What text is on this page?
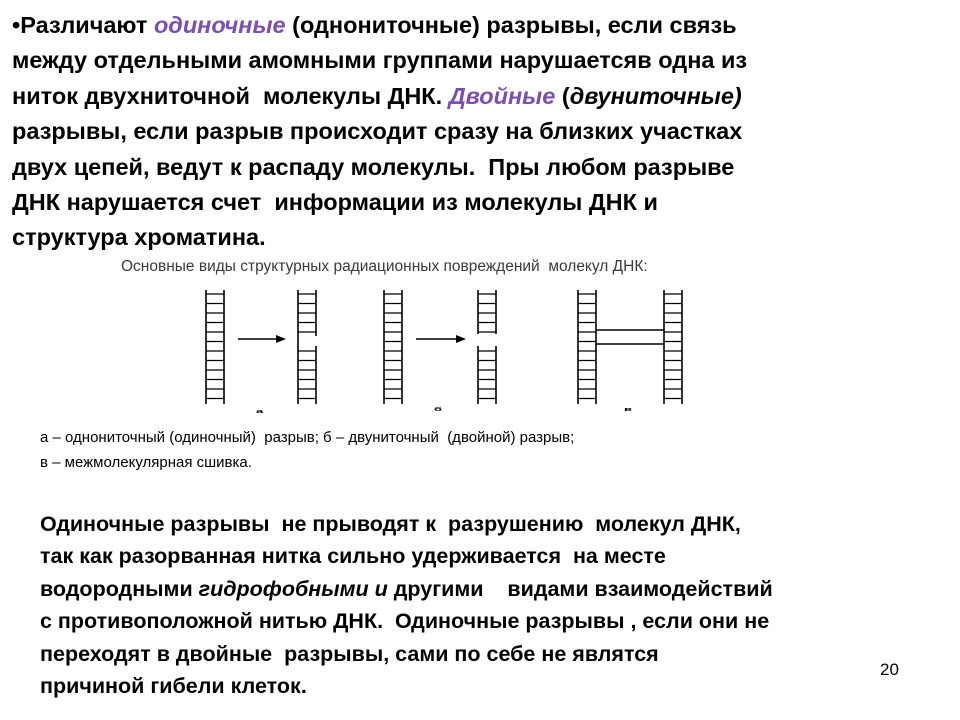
•Различают одиночные (однониточные) разрывы, если связь
между отдельными амомными группами нарушаетсяв одна из
ниток двухниточной  молекулы ДНК. Двойные (двуниточные)
разрывы, если разрыв происходит сразу на близких участках
двух цепей, ведут к распаду молекулы.  Пры любом разрыве
ДНК нарушается счет  информации из молекулы ДНК и
структура хроматина.
Основные виды структурных радиационных повреждений  молекул ДНК:
а	б	в
а – однониточный (одиночный)  разрыв; б – двуниточный  (двойной) разрыв;
в – межмолекулярная сшивка.
Одиночные разрывы  не прыводят к  разрушению  молекул ДНК,
так как разорванная нитка сильно удерживается  на месте
водородными гидрофобными и другими    видами взаимодействий
с противоположной нитью ДНК.  Одиночные разрывы , если они не
переходят в двойные  разрывы, сами по себе не являтся
причиной гибели клеток.
20
